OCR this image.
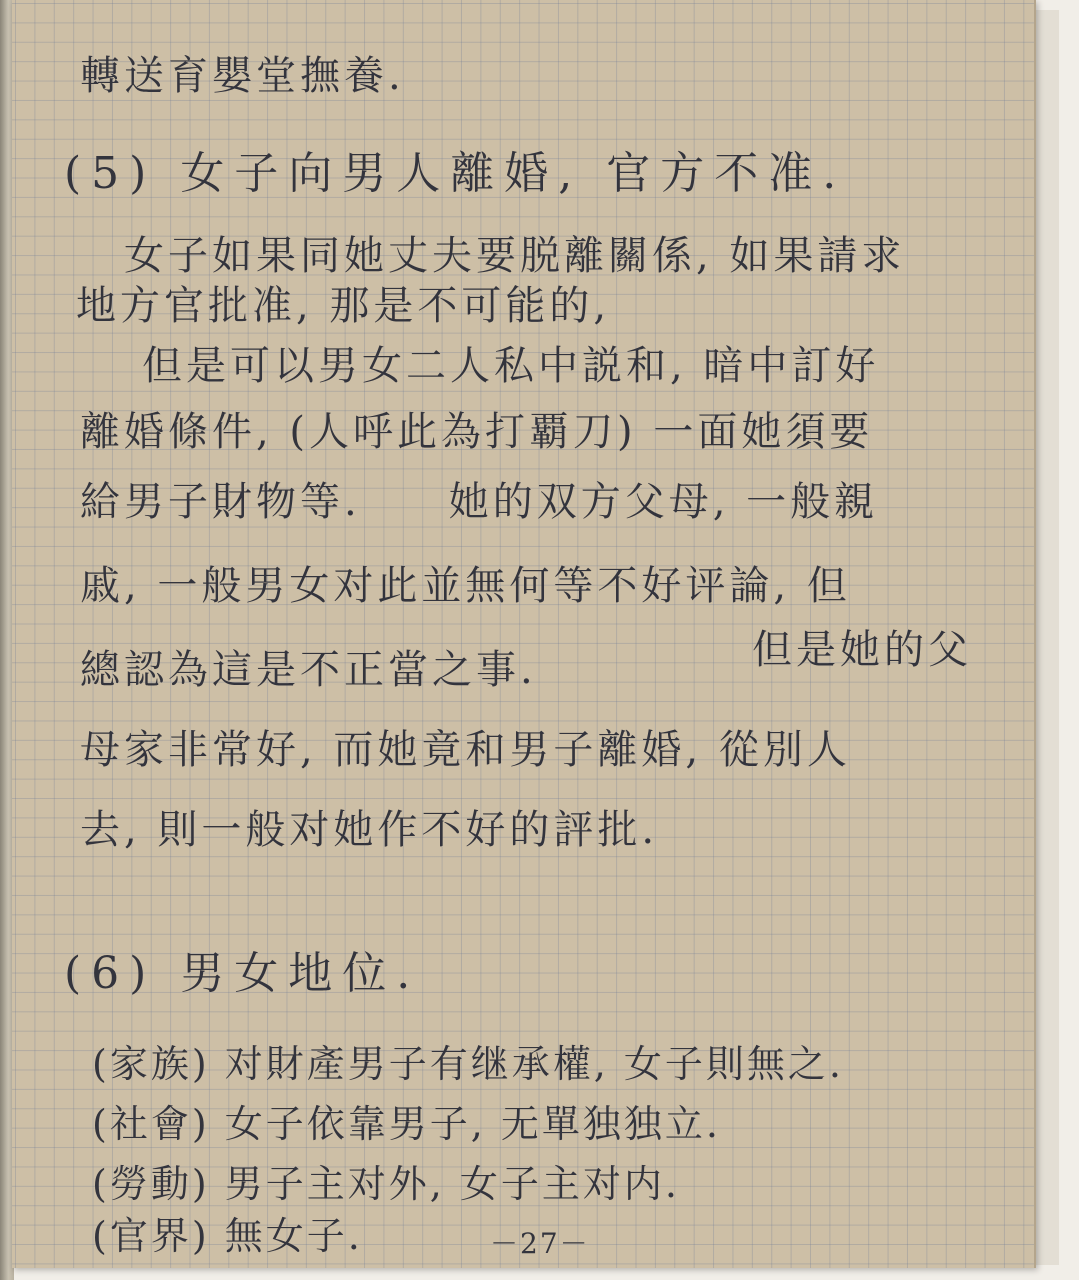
轉送育嬰堂撫養.
(5) 女子向男人離婚, 官方不准.
女子如果同她丈夫要脱離關係, 如果請求
地方官批准, 那是不可能的,
但是可以男女二人私中説和, 暗中訂好
離婚條件, (人呼此為打覇刀) 一面她須要
給男子財物等.　　她的双方父母, 一般親
戚, 一般男女对此並無何等不好评論, 但
總認為這是不正當之事.	但是她的父
母家非常好, 而她竟和男子離婚, 從別人
去, 則一般对她作不好的評批.
(6) 男女地位.
(家族) 对財產男子有继承權, 女子則無之.
(社會) 女子依靠男子, 无單独独立.
(勞動) 男子主对外, 女子主对内.
(官界) 無女子.	－27－
